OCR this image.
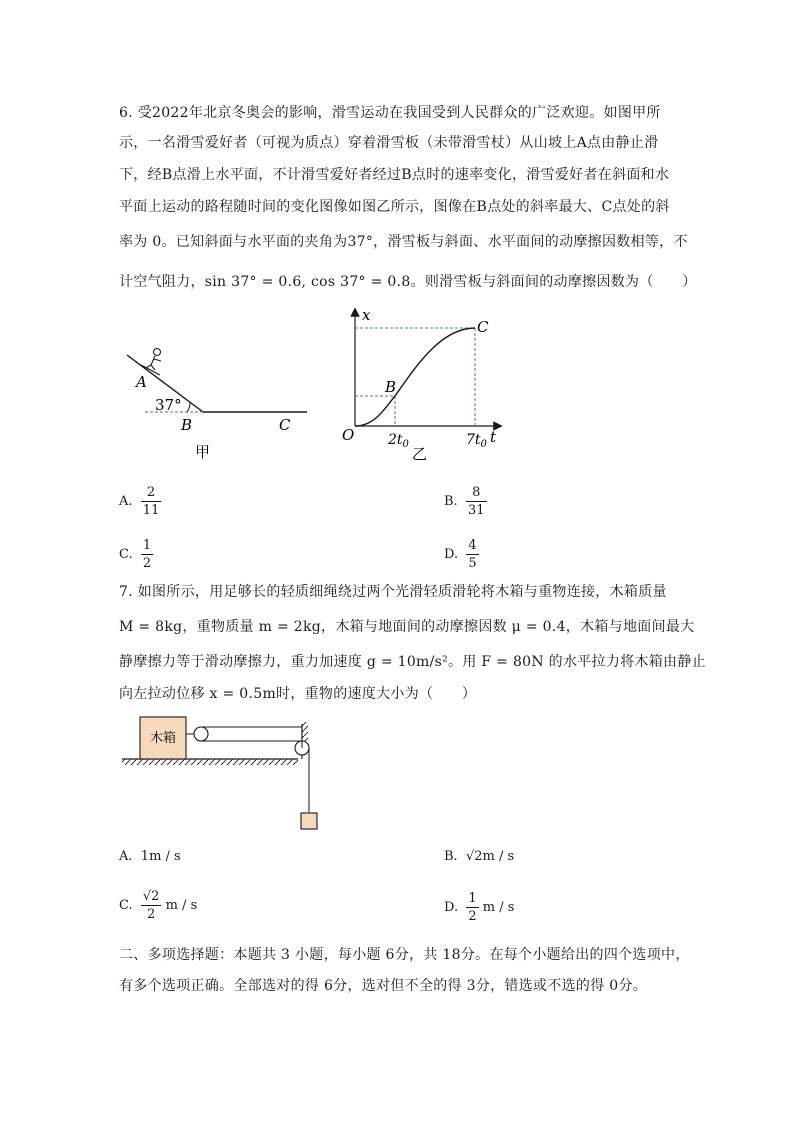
6. 受2022年北京冬奥会的影响，滑雪运动在我国受到人民群众的广泛欢迎。如图甲所
示，一名滑雪爱好者（可视为质点）穿着滑雪板（未带滑雪杖）从山坡上A点由静止滑
下，经B点滑上水平面，不计滑雪爱好者经过B点时的速率变化，滑雪爱好者在斜面和水
平面上运动的路程随时间的变化图像如图乙所示，图像在B点处的斜率最大、C点处的斜
率为 0。已知斜面与水平面的夹角为37°，滑雪板与斜面、水平面间的动摩擦因数相等，不
计空气阻力，sin 37° = 0.6, cos 37° = 0.8。则滑雪板与斜面间的动摩擦因数为（　　）
A
37°
B	C
甲
x
t
O
B
C
$2t_0$	$7t_0$
乙
A. $\frac{2}{11}$	B. $\frac{8}{31}$
C. $\frac{1}{2}$	D. $\frac{4}{5}$
7. 如图所示，用足够长的轻质细绳绕过两个光滑轻质滑轮将木箱与重物连接，木箱质量
M = 8kg，重物质量 m = 2kg，木箱与地面间的动摩擦因数 μ = 0.4，木箱与地面间最大
静摩擦力等于滑动摩擦力，重力加速度 g = 10m/s²。用 F = 80N 的水平拉力将木箱由静止
向左拉动位移 x = 0.5m时，重物的速度大小为（　　）
木箱
A. 1m / s	B. √2m / s
C. $\frac{√2}{2}$ m / s	D. $\frac{1}{2}$ m / s
二、多项选择题：本题共 3 小题，每小题 6分，共 18分。在每个小题给出的四个选项中，
有多个选项正确。全部选对的得 6分，选对但不全的得 3分，错选或不选的得 0分。
